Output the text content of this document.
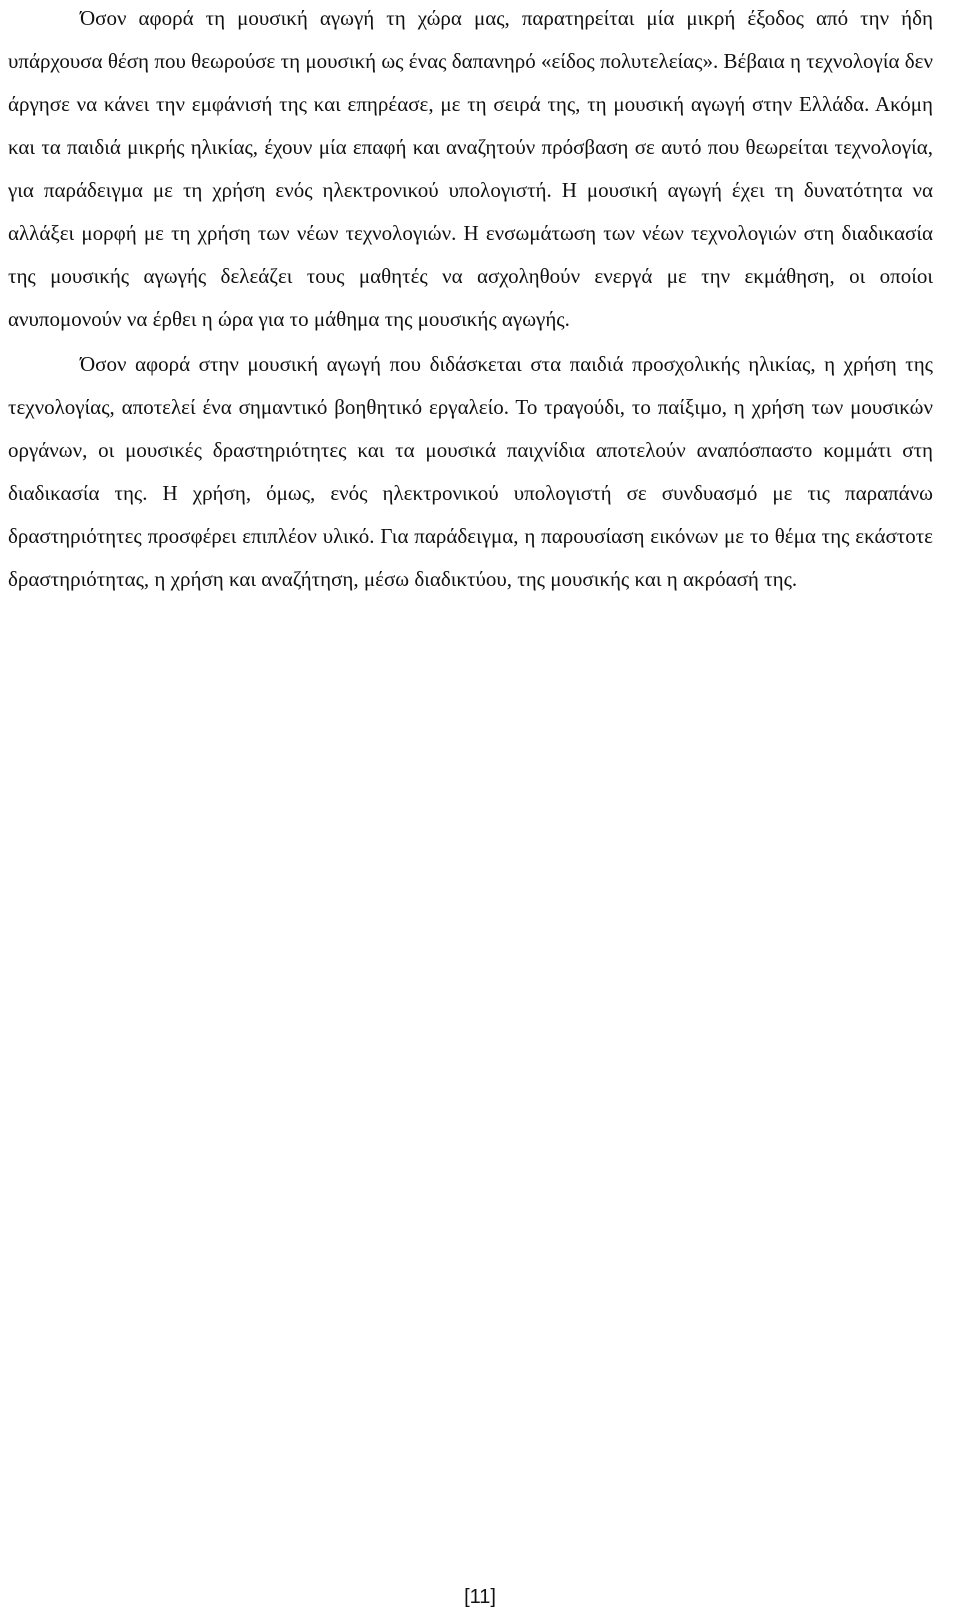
Όσον αφορά τη μουσική αγωγή τη χώρα μας, παρατηρείται μία μικρή έξοδος από την ήδη υπάρχουσα θέση που θεωρούσε τη μουσική ως ένας δαπανηρό «είδος πολυτελείας». Βέβαια η τεχνολογία δεν άργησε να κάνει την εμφάνισή της και επηρέασε, με τη σειρά της, τη μουσική αγωγή στην Ελλάδα. Ακόμη και τα παιδιά μικρής ηλικίας, έχουν μία επαφή και αναζητούν πρόσβαση σε αυτό που θεωρείται τεχνολογία, για παράδειγμα με τη χρήση ενός ηλεκτρονικού υπολογιστή. Η μουσική αγωγή έχει τη δυνατότητα να αλλάξει μορφή με τη χρήση των νέων τεχνολογιών. Η ενσωμάτωση των νέων τεχνολογιών στη διαδικασία της μουσικής αγωγής δελεάζει τους μαθητές να ασχοληθούν ενεργά με την εκμάθηση, οι οποίοι ανυπομονούν να έρθει η ώρα για το μάθημα της μουσικής αγωγής.

Όσον αφορά στην μουσική αγωγή που διδάσκεται στα παιδιά προσχολικής ηλικίας, η χρήση της τεχνολογίας, αποτελεί ένα σημαντικό βοηθητικό εργαλείο. Το τραγούδι, το παίξιμο, η χρήση των μουσικών οργάνων, οι μουσικές δραστηριότητες και τα μουσικά παιχνίδια αποτελούν αναπόσπαστο κομμάτι στη διαδικασία της. Η χρήση, όμως, ενός ηλεκτρονικού υπολογιστή σε συνδυασμό με τις παραπάνω δραστηριότητες προσφέρει επιπλέον υλικό. Για παράδειγμα, η παρουσίαση εικόνων με το θέμα της εκάστοτε δραστηριότητας, η χρήση και αναζήτηση, μέσω διαδικτύου, της μουσικής και η ακρόασή της.

[11]
